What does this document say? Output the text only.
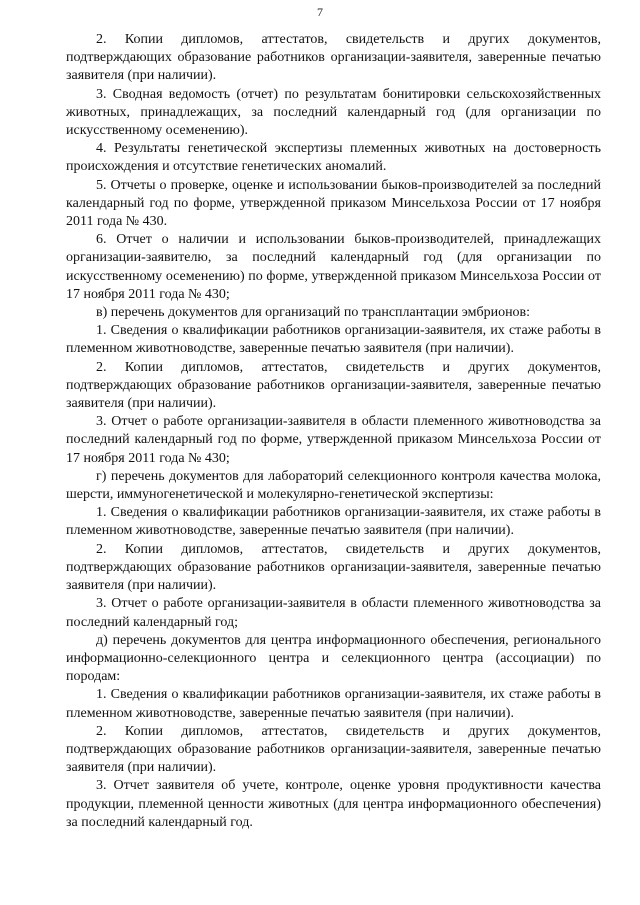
7

2. Копии дипломов, аттестатов, свидетельств и других документов, подтверждающих образование работников организации-заявителя, заверенные печатью заявителя (при наличии).

3. Сводная ведомость (отчет) по результатам бонитировки сельскохозяйственных животных, принадлежащих, за последний календарный год (для организации по искусственному осеменению).

4. Результаты генетической экспертизы племенных животных на достоверность происхождения и отсутствие генетических аномалий.

5. Отчеты о проверке, оценке и использовании быков-производителей за последний календарный год по форме, утвержденной приказом Минсельхоза России от 17 ноября 2011 года № 430.

6. Отчет о наличии и использовании быков-производителей, принадлежащих организации-заявителю, за последний календарный год (для организации по искусственному осеменению) по форме, утвержденной приказом Минсельхоза России от 17 ноября 2011 года № 430;

в) перечень документов для организаций по трансплантации эмбрионов:

1. Сведения о квалификации работников организации-заявителя, их стаже работы в племенном животноводстве, заверенные печатью заявителя (при наличии).

2. Копии дипломов, аттестатов, свидетельств и других документов, подтверждающих образование работников организации-заявителя, заверенные печатью заявителя (при наличии).

3. Отчет о работе организации-заявителя в области племенного животноводства за последний календарный год по форме, утвержденной приказом Минсельхоза России от 17 ноября 2011 года № 430;

г) перечень документов для лабораторий селекционного контроля качества молока, шерсти, иммуногенетической и молекулярно-генетической экспертизы:

1. Сведения о квалификации работников организации-заявителя, их стаже работы в племенном животноводстве, заверенные печатью заявителя (при наличии).

2. Копии дипломов, аттестатов, свидетельств и других документов, подтверждающих образование работников организации-заявителя, заверенные печатью заявителя (при наличии).

3. Отчет о работе организации-заявителя в области племенного животноводства за последний календарный год;

д) перечень документов для центра информационного обеспечения, регионального информационно-селекционного центра и селекционного центра (ассоциации) по породам:

1. Сведения о квалификации работников организации-заявителя, их стаже работы в племенном животноводстве, заверенные печатью заявителя (при наличии).

2. Копии дипломов, аттестатов, свидетельств и других документов, подтверждающих образование работников организации-заявителя, заверенные печатью заявителя (при наличии).

3. Отчет заявителя об учете, контроле, оценке уровня продуктивности качества продукции, племенной ценности животных (для центра информационного обеспечения) за последний календарный год.
